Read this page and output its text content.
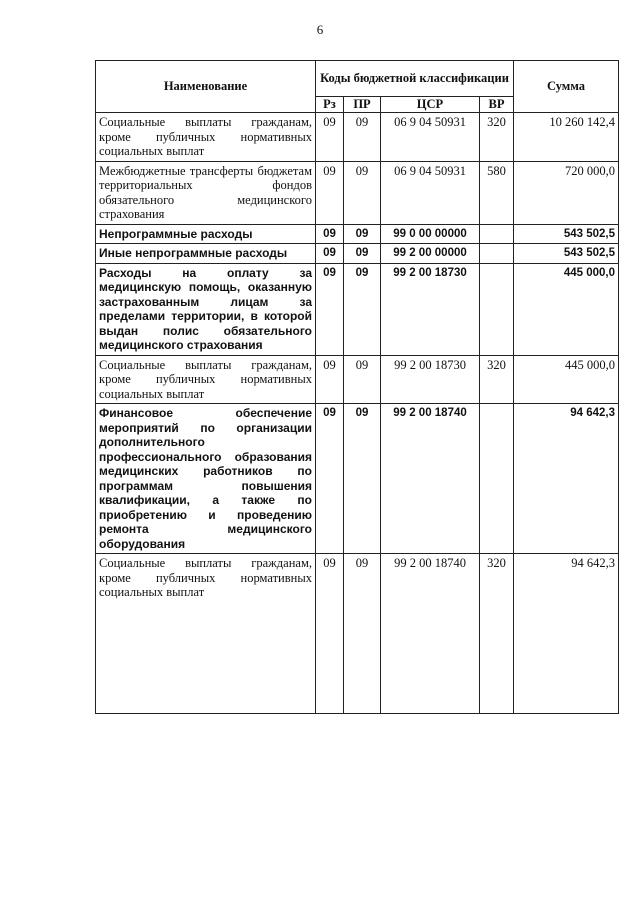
6
Наименование	Коды бюджетной классификации				Сумма
	Рз	ПР	ЦСР	ВР	
Социальные выплаты гражданам, кроме публичных нормативных социальных выплат	09	09	06 9 04 50931	320	10 260 142,4
Межбюджетные трансферты бюджетам территориальных фондов обязательного медицинского страхования	09	09	06 9 04 50931	580	720 000,0
Непрограммные расходы	09	09	99 0 00 00000		543 502,5
Иные непрограммные расходы	09	09	99 2 00 00000		543 502,5
Расходы на оплату за медицинскую помощь, оказанную застрахованным лицам за пределами территории, в которой выдан полис обязательного медицинского страхования	09	09	99 2 00 18730		445 000,0
Социальные выплаты гражданам, кроме публичных нормативных социальных выплат	09	09	99 2 00 18730	320	445 000,0
Финансовое обеспечение мероприятий по организации дополнительного профессионального образования медицинских работников по программам повышения квалификации, а также по приобретению и проведению ремонта медицинского оборудования	09	09	99 2 00 18740		94 642,3
Социальные выплаты гражданам, кроме публичных нормативных социальных выплат	09	09	99 2 00 18740	320	94 642,3
